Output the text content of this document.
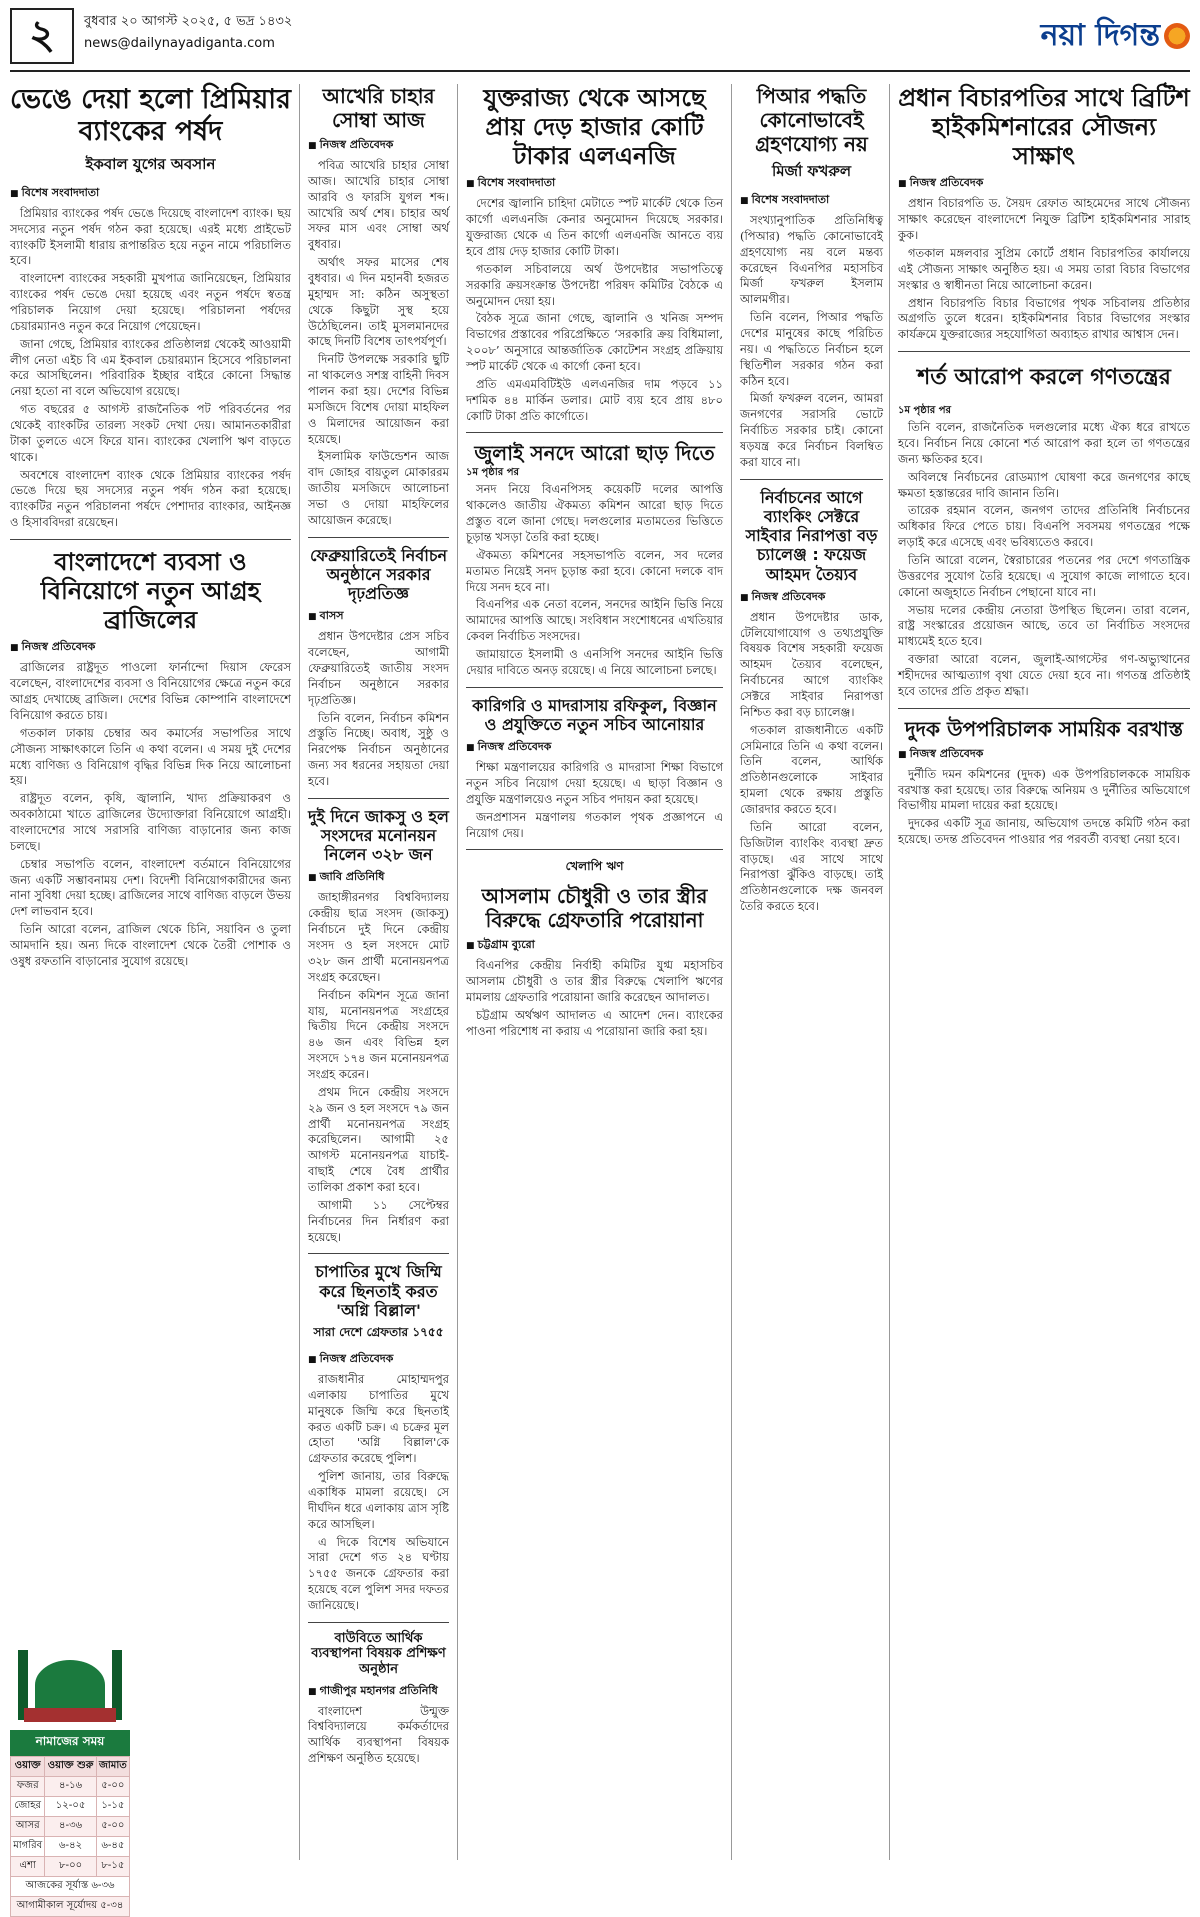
২	বুধবার ২০ আগস্ট ২০২৫, ৫ ভদ্র ১৪৩২
news@dailynayadiganta.com	নয়া দিগন্ত
ভেঙে দেয়া হলো প্রিমিয়ার ব্যাংকের পর্ষদ
ইকবাল যুগের অবসান
■ বিশেষ সংবাদদাতা

প্রিমিয়ার ব্যাংকের পর্ষদ ভেঙে দিয়েছে বাংলাদেশ ব্যাংক। ছয় সদস্যের নতুন পর্ষদ গঠন করা হয়েছে। এরই মধ্যে প্রাইভেট ব্যাংকটি ইসলামী ধারায় রূপান্তরিত হয়ে নতুন নামে পরিচালিত হবে।

বাংলাদেশ ব্যাংকের সহকারী মুখপাত্র জানিয়েছেন, প্রিমিয়ার ব্যাংকের পর্ষদ ভেঙে দেয়া হয়েছে এবং নতুন পর্ষদে স্বতন্ত্র পরিচালক নিয়োগ দেয়া হয়েছে। পরিচালনা পর্ষদের চেয়ারম্যানও নতুন করে নিয়োগ পেয়েছেন।

জানা গেছে, প্রিমিয়ার ব্যাংকের প্রতিষ্ঠালগ্ন থেকেই আওয়ামী লীগ নেতা এইচ বি এম ইকবাল চেয়ারম্যান হিসেবে পরিচালনা করে আসছিলেন। পরিবারিক ইচ্ছার বাইরে কোনো সিদ্ধান্ত নেয়া হতো না বলে অভিযোগ রয়েছে।

গত বছরের ৫ আগস্ট রাজনৈতিক পট পরিবর্তনের পর থেকেই ব্যাংকটির তারল্য সংকট দেখা দেয়। আমানতকারীরা টাকা তুলতে এসে ফিরে যান। ব্যাংকের খেলাপি ঋণ বাড়তে থাকে।

অবশেষে বাংলাদেশ ব্যাংক থেকে প্রিমিয়ার ব্যাংকের পর্ষদ ভেঙে দিয়ে ছয় সদস্যের নতুন পর্ষদ গঠন করা হয়েছে। ব্যাংকটির নতুন পরিচালনা পর্ষদে পেশাদার ব্যাংকার, আইনজ্ঞ ও হিসাববিদরা রয়েছেন।

বাংলাদেশে ব্যবসা ও বিনিয়োগে নতুন আগ্রহ ব্রাজিলের
■ নিজস্ব প্রতিবেদক

ব্রাজিলের রাষ্ট্রদূত পাওলো ফার্নান্দো দিয়াস ফেরেস বলেছেন, বাংলাদেশের ব্যবসা ও বিনিয়োগের ক্ষেত্রে নতুন করে আগ্রহ দেখাচ্ছে ব্রাজিল। দেশের বিভিন্ন কোম্পানি বাংলাদেশে বিনিয়োগ করতে চায়।

গতকাল ঢাকায় চেম্বার অব কমার্সের সভাপতির সাথে সৌজন্য সাক্ষাৎকালে তিনি এ কথা বলেন। এ সময় দুই দেশের মধ্যে বাণিজ্য ও বিনিয়োগ বৃদ্ধির বিভিন্ন দিক নিয়ে আলোচনা হয়।

রাষ্ট্রদূত বলেন, কৃষি, জ্বালানি, খাদ্য প্রক্রিয়াকরণ ও অবকাঠামো খাতে ব্রাজিলের উদ্যোক্তারা বিনিয়োগে আগ্রহী। বাংলাদেশের সাথে সরাসরি বাণিজ্য বাড়ানোর জন্য কাজ চলছে।

চেম্বার সভাপতি বলেন, বাংলাদেশ বর্তমানে বিনিয়োগের জন্য একটি সম্ভাবনাময় দেশ। বিদেশী বিনিয়োগকারীদের জন্য নানা সুবিধা দেয়া হচ্ছে। ব্রাজিলের সাথে বাণিজ্য বাড়লে উভয় দেশ লাভবান হবে।

তিনি আরো বলেন, ব্রাজিল থেকে চিনি, সয়াবিন ও তুলা আমদানি হয়। অন্য দিকে বাংলাদেশ থেকে তৈরী পোশাক ও ওষুধ রফতানি বাড়ানোর সুযোগ রয়েছে।

নামাজের সময়
ওয়াক্ত	ওয়াক্ত শুরু	জামাত
ফজর	৪-১৬	৫-০০
জোহর	১২-০৫	১-১৫
আসর	৪-৩৬	৫-০০
মাগরিব	৬-৪২	৬-৪৫
এশা	৮-০০	৮-১৫
আজকের সূর্যাস্ত ৬-৩৬		
আগামীকাল সূর্যোদয় ৫-৩৪		
আখেরি চাহার সোম্বা আজ
■ নিজস্ব প্রতিবেদক

পবিত্র আখেরি চাহার সোম্বা আজ। আখেরি চাহার সোম্বা আরবি ও ফারসি যুগল শব্দ। আখেরি অর্থ শেষ। চাহার অর্থ সফর মাস এবং সোম্বা অর্থ বুধবার।

অর্থাৎ সফর মাসের শেষ বুধবার। এ দিন মহানবী হজরত মুহাম্মদ সা: কঠিন অসুস্থতা থেকে কিছুটা সুস্থ হয়ে উঠেছিলেন। তাই মুসলমানদের কাছে দিনটি বিশেষ তাৎপর্যপূর্ণ।

দিনটি উপলক্ষে সরকারি ছুটি না থাকলেও সশস্ত্র বাহিনী দিবস পালন করা হয়। দেশের বিভিন্ন মসজিদে বিশেষ দোয়া মাহফিল ও মিলাদের আয়োজন করা হয়েছে।

ইসলামিক ফাউন্ডেশন আজ বাদ জোহর বায়তুল মোকাররম জাতীয় মসজিদে আলোচনা সভা ও দোয়া মাহফিলের আয়োজন করেছে।

ফেব্রুয়ারিতেই নির্বাচন অনুষ্ঠানে সরকার দৃঢ়প্রতিজ্ঞ
■ বাসস

প্রধান উপদেষ্টার প্রেস সচিব বলেছেন, আগামী ফেব্রুয়ারিতেই জাতীয় সংসদ নির্বাচন অনুষ্ঠানে সরকার দৃঢ়প্রতিজ্ঞ।

তিনি বলেন, নির্বাচন কমিশন প্রস্তুতি নিচ্ছে। অবাধ, সুষ্ঠু ও নিরপেক্ষ নির্বাচন অনুষ্ঠানের জন্য সব ধরনের সহায়তা দেয়া হবে।

দুই দিনে জাকসু ও হল সংসদের মনোনয়ন নিলেন ৩২৮ জন
■ জাবি প্রতিনিধি

জাহাঙ্গীরনগর বিশ্ববিদ্যালয় কেন্দ্রীয় ছাত্র সংসদ (জাকসু) নির্বাচনে দুই দিনে কেন্দ্রীয় সংসদ ও হল সংসদে মোট ৩২৮ জন প্রার্থী মনোনয়নপত্র সংগ্রহ করেছেন।

নির্বাচন কমিশন সূত্রে জানা যায়, মনোনয়নপত্র সংগ্রহের দ্বিতীয় দিনে কেন্দ্রীয় সংসদে ৪৬ জন এবং বিভিন্ন হল সংসদে ১৭৪ জন মনোনয়নপত্র সংগ্রহ করেন।

প্রথম দিনে কেন্দ্রীয় সংসদে ২৯ জন ও হল সংসদে ৭৯ জন প্রার্থী মনোনয়নপত্র সংগ্রহ করেছিলেন। আগামী ২৫ আগস্ট মনোনয়নপত্র যাচাই-বাছাই শেষে বৈধ প্রার্থীর তালিকা প্রকাশ করা হবে।

আগামী ১১ সেপ্টেম্বর নির্বাচনের দিন নির্ধারণ করা হয়েছে।

চাপাতির মুখে জিম্মি করে ছিনতাই করত 'অগ্নি বিল্লাল'
সারা দেশে গ্রেফতার ১৭৫৫
■ নিজস্ব প্রতিবেদক

রাজধানীর মোহাম্মদপুর এলাকায় চাপাতির মুখে মানুষকে জিম্মি করে ছিনতাই করত একটি চক্র। এ চক্রের মূল হোতা 'অগ্নি বিল্লাল'কে গ্রেফতার করেছে পুলিশ।

পুলিশ জানায়, তার বিরুদ্ধে একাধিক মামলা রয়েছে। সে দীর্ঘদিন ধরে এলাকায় ত্রাস সৃষ্টি করে আসছিল।

এ দিকে বিশেষ অভিযানে সারা দেশে গত ২৪ ঘণ্টায় ১৭৫৫ জনকে গ্রেফতার করা হয়েছে বলে পুলিশ সদর দফতর জানিয়েছে।

বাউবিতে আর্থিক ব্যবস্থাপনা বিষয়ক প্রশিক্ষণ অনুষ্ঠান
■ গাজীপুর মহানগর প্রতিনিধি

বাংলাদেশ উন্মুক্ত বিশ্ববিদ্যালয়ে কর্মকর্তাদের আর্থিক ব্যবস্থাপনা বিষয়ক প্রশিক্ষণ অনুষ্ঠিত হয়েছে।

যুক্তরাজ্য থেকে আসছে প্রায় দেড় হাজার কোটি টাকার এলএনজি
■ বিশেষ সংবাদদাতা

দেশের জ্বালানি চাহিদা মেটাতে স্পট মার্কেট থেকে তিন কার্গো এলএনজি কেনার অনুমোদন দিয়েছে সরকার। যুক্তরাজ্য থেকে এ তিন কার্গো এলএনজি আনতে ব্যয় হবে প্রায় দেড় হাজার কোটি টাকা।

গতকাল সচিবালয়ে অর্থ উপদেষ্টার সভাপতিত্বে সরকারি ক্রয়সংক্রান্ত উপদেষ্টা পরিষদ কমিটির বৈঠকে এ অনুমোদন দেয়া হয়।

বৈঠক সূত্রে জানা গেছে, জ্বালানি ও খনিজ সম্পদ বিভাগের প্রস্তাবের পরিপ্রেক্ষিতে ‘সরকারি ক্রয় বিধিমালা, ২০০৮’ অনুসারে আন্তর্জাতিক কোটেশন সংগ্রহ প্রক্রিয়ায় স্পট মার্কেট থেকে এ কার্গো কেনা হবে।

প্রতি এমএমবিটিইউ এলএনজির দাম পড়বে ১১ দশমিক ৪৪ মার্কিন ডলার। মোট ব্যয় হবে প্রায় ৪৮০ কোটি টাকা প্রতি কার্গোতে।

জুলাই সনদে আরো ছাড় দিতে
১ম পৃষ্ঠার পর

সনদ নিয়ে বিএনপিসহ কয়েকটি দলের আপত্তি থাকলেও জাতীয় ঐকমত্য কমিশন আরো ছাড় দিতে প্রস্তুত বলে জানা গেছে। দলগুলোর মতামতের ভিত্তিতে চূড়ান্ত খসড়া তৈরি করা হচ্ছে।

ঐকমত্য কমিশনের সহসভাপতি বলেন, সব দলের মতামত নিয়েই সনদ চূড়ান্ত করা হবে। কোনো দলকে বাদ দিয়ে সনদ হবে না।

বিএনপির এক নেতা বলেন, সনদের আইনি ভিত্তি নিয়ে আমাদের আপত্তি আছে। সংবিধান সংশোধনের এখতিয়ার কেবল নির্বাচিত সংসদের।

জামায়াতে ইসলামী ও এনসিপি সনদের আইনি ভিত্তি দেয়ার দাবিতে অনড় রয়েছে। এ নিয়ে আলোচনা চলছে।

কারিগরি ও মাদরাসায় রফিকুল, বিজ্ঞান ও প্রযুক্তিতে নতুন সচিব আনোয়ার
■ নিজস্ব প্রতিবেদক

শিক্ষা মন্ত্রণালয়ের কারিগরি ও মাদরাসা শিক্ষা বিভাগে নতুন সচিব নিয়োগ দেয়া হয়েছে। এ ছাড়া বিজ্ঞান ও প্রযুক্তি মন্ত্রণালয়েও নতুন সচিব পদায়ন করা হয়েছে।

জনপ্রশাসন মন্ত্রণালয় গতকাল পৃথক প্রজ্ঞাপনে এ নিয়োগ দেয়।

খেলাপি ঋণ
আসলাম চৌধুরী ও তার স্ত্রীর বিরুদ্ধে গ্রেফতারি পরোয়ানা
■ চট্টগ্রাম ব্যুরো

বিএনপির কেন্দ্রীয় নির্বাহী কমিটির যুগ্ম মহাসচিব আসলাম চৌধুরী ও তার স্ত্রীর বিরুদ্ধে খেলাপি ঋণের মামলায় গ্রেফতারি পরোয়ানা জারি করেছেন আদালত।

চট্টগ্রাম অর্থঋণ আদালত এ আদেশ দেন। ব্যাংকের পাওনা পরিশোধ না করায় এ পরোয়ানা জারি করা হয়।

পিআর পদ্ধতি কোনোভাবেই গ্রহণযোগ্য নয়
মির্জা ফখরুল
■ বিশেষ সংবাদদাতা

সংখ্যানুপাতিক প্রতিনিধিত্ব (পিআর) পদ্ধতি কোনোভাবেই গ্রহণযোগ্য নয় বলে মন্তব্য করেছেন বিএনপির মহাসচিব মির্জা ফখরুল ইসলাম আলমগীর।

তিনি বলেন, পিআর পদ্ধতি দেশের মানুষের কাছে পরিচিত নয়। এ পদ্ধতিতে নির্বাচন হলে স্থিতিশীল সরকার গঠন করা কঠিন হবে।

মির্জা ফখরুল বলেন, আমরা জনগণের সরাসরি ভোটে নির্বাচিত সরকার চাই। কোনো ষড়যন্ত্র করে নির্বাচন বিলম্বিত করা যাবে না।

নির্বাচনের আগে ব্যাংকিং সেক্টরে সাইবার নিরাপত্তা বড় চ্যালেঞ্জ : ফয়েজ আহমদ তৈয়্যব
■ নিজস্ব প্রতিবেদক

প্রধান উপদেষ্টার ডাক, টেলিযোগাযোগ ও তথ্যপ্রযুক্তি বিষয়ক বিশেষ সহকারী ফয়েজ আহমদ তৈয়্যব বলেছেন, নির্বাচনের আগে ব্যাংকিং সেক্টরে সাইবার নিরাপত্তা নিশ্চিত করা বড় চ্যালেঞ্জ।

গতকাল রাজধানীতে একটি সেমিনারে তিনি এ কথা বলেন। তিনি বলেন, আর্থিক প্রতিষ্ঠানগুলোকে সাইবার হামলা থেকে রক্ষায় প্রস্তুতি জোরদার করতে হবে।

তিনি আরো বলেন, ডিজিটাল ব্যাংকিং ব্যবস্থা দ্রুত বাড়ছে। এর সাথে সাথে নিরাপত্তা ঝুঁকিও বাড়ছে। তাই প্রতিষ্ঠানগুলোকে দক্ষ জনবল তৈরি করতে হবে।

প্রধান বিচারপতির সাথে ব্রিটিশ হাইকমিশনারের সৌজন্য সাক্ষাৎ
■ নিজস্ব প্রতিবেদক

প্রধান বিচারপতি ড. সৈয়দ রেফাত আহমেদের সাথে সৌজন্য সাক্ষাৎ করেছেন বাংলাদেশে নিযুক্ত ব্রিটিশ হাইকমিশনার সারাহ কুক।

গতকাল মঙ্গলবার সুপ্রিম কোর্টে প্রধান বিচারপতির কার্যালয়ে এই সৌজন্য সাক্ষাৎ অনুষ্ঠিত হয়। এ সময় তারা বিচার বিভাগের সংস্কার ও স্বাধীনতা নিয়ে আলোচনা করেন।

প্রধান বিচারপতি বিচার বিভাগের পৃথক সচিবালয় প্রতিষ্ঠার অগ্রগতি তুলে ধরেন। হাইকমিশনার বিচার বিভাগের সংস্কার কার্যক্রমে যুক্তরাজ্যের সহযোগিতা অব্যাহত রাখার আশ্বাস দেন।

শর্ত আরোপ করলে গণতন্ত্রের
১ম পৃষ্ঠার পর

তিনি বলেন, রাজনৈতিক দলগুলোর মধ্যে ঐক্য ধরে রাখতে হবে। নির্বাচন নিয়ে কোনো শর্ত আরোপ করা হলে তা গণতন্ত্রের জন্য ক্ষতিকর হবে।

অবিলম্বে নির্বাচনের রোডম্যাপ ঘোষণা করে জনগণের কাছে ক্ষমতা হস্তান্তরের দাবি জানান তিনি।

তারেক রহমান বলেন, জনগণ তাদের প্রতিনিধি নির্বাচনের অধিকার ফিরে পেতে চায়। বিএনপি সবসময় গণতন্ত্রের পক্ষে লড়াই করে এসেছে এবং ভবিষ্যতেও করবে।

তিনি আরো বলেন, স্বৈরাচারের পতনের পর দেশে গণতান্ত্রিক উত্তরণের সুযোগ তৈরি হয়েছে। এ সুযোগ কাজে লাগাতে হবে। কোনো অজুহাতে নির্বাচন পেছানো যাবে না।

সভায় দলের কেন্দ্রীয় নেতারা উপস্থিত ছিলেন। তারা বলেন, রাষ্ট্র সংস্কারের প্রয়োজন আছে, তবে তা নির্বাচিত সংসদের মাধ্যমেই হতে হবে।

বক্তারা আরো বলেন, জুলাই-আগস্টের গণ-অভ্যুত্থানের শহীদদের আত্মত্যাগ বৃথা যেতে দেয়া হবে না। গণতন্ত্র প্রতিষ্ঠাই হবে তাদের প্রতি প্রকৃত শ্রদ্ধা।

দুদক উপপরিচালক সাময়িক বরখাস্ত
■ নিজস্ব প্রতিবেদক

দুর্নীতি দমন কমিশনের (দুদক) এক উপপরিচালককে সাময়িক বরখাস্ত করা হয়েছে। তার বিরুদ্ধে অনিয়ম ও দুর্নীতির অভিযোগে বিভাগীয় মামলা দায়ের করা হয়েছে।

দুদকের একটি সূত্র জানায়, অভিযোগ তদন্তে কমিটি গঠন করা হয়েছে। তদন্ত প্রতিবেদন পাওয়ার পর পরবর্তী ব্যবস্থা নেয়া হবে।
